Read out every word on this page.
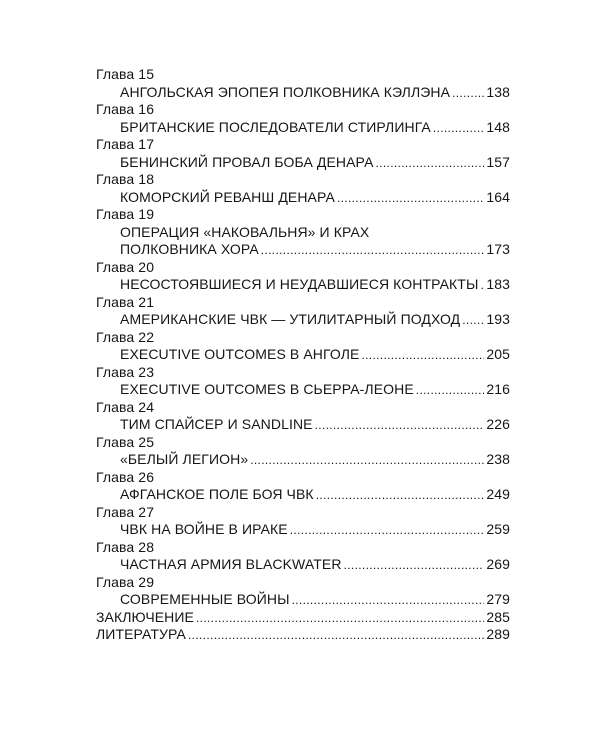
Глава 15
АНГОЛЬСКАЯ ЭПОПЕЯ ПОЛКОВНИКА КЭЛЛЭНА . . .	138
Глава 16
БРИТАНСКИЕ ПОСЛЕДОВАТЕЛИ СТИРЛИНГА . . .	148
Глава 17
БЕНИНСКИЙ ПРОВАЛ БОБА ДЕНАРА . . .	157
Глава 18
КОМОРСКИЙ РЕВАНШ ДЕНАРА . . .	164
Глава 19
ОПЕРАЦИЯ «НАКОВАЛЬНЯ» И КРАХ
ПОЛКОВНИКА ХОРА . . .	173
Глава 20
НЕСОСТОЯВШИЕСЯ И НЕУДАВШИЕСЯ КОНТРАКТЫ . . . 183
Глава 21
АМЕРИКАНСКИЕ ЧВК — УТИЛИТАРНЫЙ ПОДХОД . . . 193
Глава 22
EXECUTIVE OUTCOMES В АНГОЛЕ . . .	205
Глава 23
EXECUTIVE OUTCOMES В СЬЕРРА-ЛЕОНЕ . . .	216
Глава 24
ТИМ СПАЙСЕР И SANDLINE . . .	226
Глава 25
«БЕЛЫЙ ЛЕГИОН» . . .	238
Глава 26
АФГАНСКОЕ ПОЛЕ БОЯ ЧВК . . .	249
Глава 27
ЧВК НА ВОЙНЕ В ИРАКЕ . . .	259
Глава 28
ЧАСТНАЯ АРМИЯ BLACKWATER . . .	269
Глава 29
СОВРЕМЕННЫЕ ВОЙНЫ . . .	279
ЗАКЛЮЧЕНИЕ . . .	285
ЛИТЕРАТУРА . . .	289
